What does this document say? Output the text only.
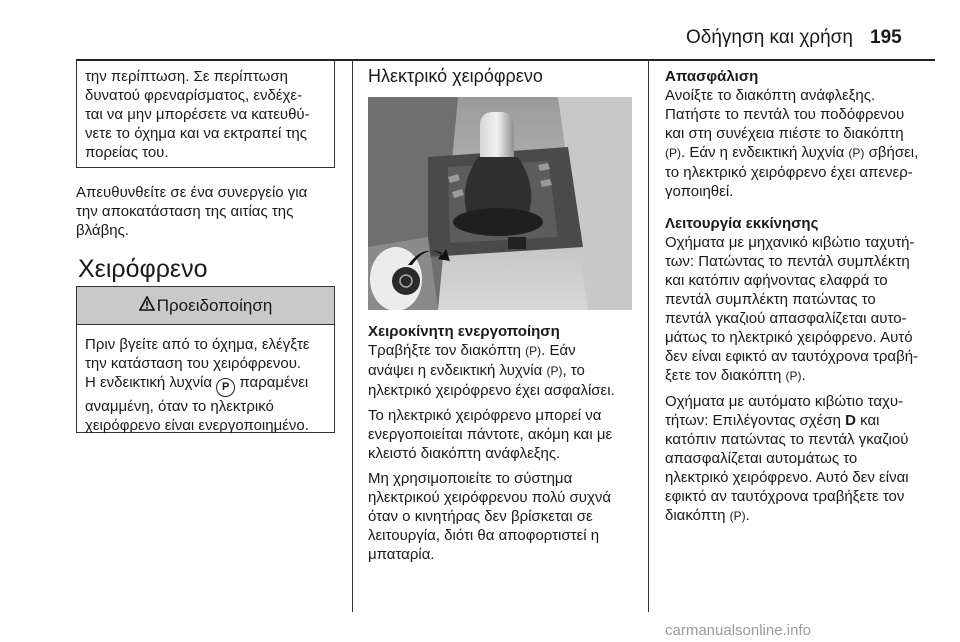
Οδήγηση και χρήση 195
την περίπτωση. Σε περίπτωση
δυνατού φρεναρίσματος, ενδέχε-
ται να μην μπορέσετε να κατευθύ-
νετε το όχημα και να εκτραπεί της
πορείας του.
Απευθυνθείτε σε ένα συνεργείο για
την αποκατάσταση της αιτίας της
βλάβης.
Χειρόφρενο
Προειδοποίηση
Πριν βγείτε από το όχημα, ελέγξτε
την κατάσταση του χειρόφρενου.
Η ενδεικτική λυχνία P παραμένει
αναμμένη, όταν το ηλεκτρικό
χειρόφρενο είναι ενεργοποιημένο.
Ηλεκτρικό χειρόφρενο
Χειροκίνητη ενεργοποίηση
Τραβήξτε τον διακόπτη (P). Εάν
ανάψει η ενδεικτική λυχνία (P), το
ηλεκτρικό χειρόφρενο έχει ασφαλίσει.
Το ηλεκτρικό χειρόφρενο μπορεί να
ενεργοποιείται πάντοτε, ακόμη και με
κλειστό διακόπτη ανάφλεξης.
Μη χρησιμοποιείτε το σύστημα
ηλεκτρικού χειρόφρενου πολύ συχνά
όταν ο κινητήρας δεν βρίσκεται σε
λειτουργία, διότι θα αποφορτιστεί η
μπαταρία.
Απασφάλιση
Ανοίξτε το διακόπτη ανάφλεξης.
Πατήστε το πεντάλ του ποδόφρενου
και στη συνέχεια πιέστε το διακόπτη
(P). Εάν η ενδεικτική λυχνία (P) σβήσει,
το ηλεκτρικό χειρόφρενο έχει απενερ-
γοποιηθεί.
Λειτουργία εκκίνησης
Οχήματα με μηχανικό κιβώτιο ταχυτή-
των: Πατώντας το πεντάλ συμπλέκτη
και κατόπιν αφήνοντας ελαφρά το
πεντάλ συμπλέκτη πατώντας το
πεντάλ γκαζιού απασφαλίζεται αυτο-
μάτως το ηλεκτρικό χειρόφρενο. Αυτό
δεν είναι εφικτό αν ταυτόχρονα τραβή-
ξετε τον διακόπτη (P).
Οχήματα με αυτόματο κιβώτιο ταχυ-
τήτων: Επιλέγοντας σχέση D και
κατόπιν πατώντας το πεντάλ γκαζιού
απασφαλίζεται αυτομάτως το
ηλεκτρικό χειρόφρενο. Αυτό δεν είναι
εφικτό αν ταυτόχρονα τραβήξετε τον
διακόπτη (P).
carmanualsonline.info
